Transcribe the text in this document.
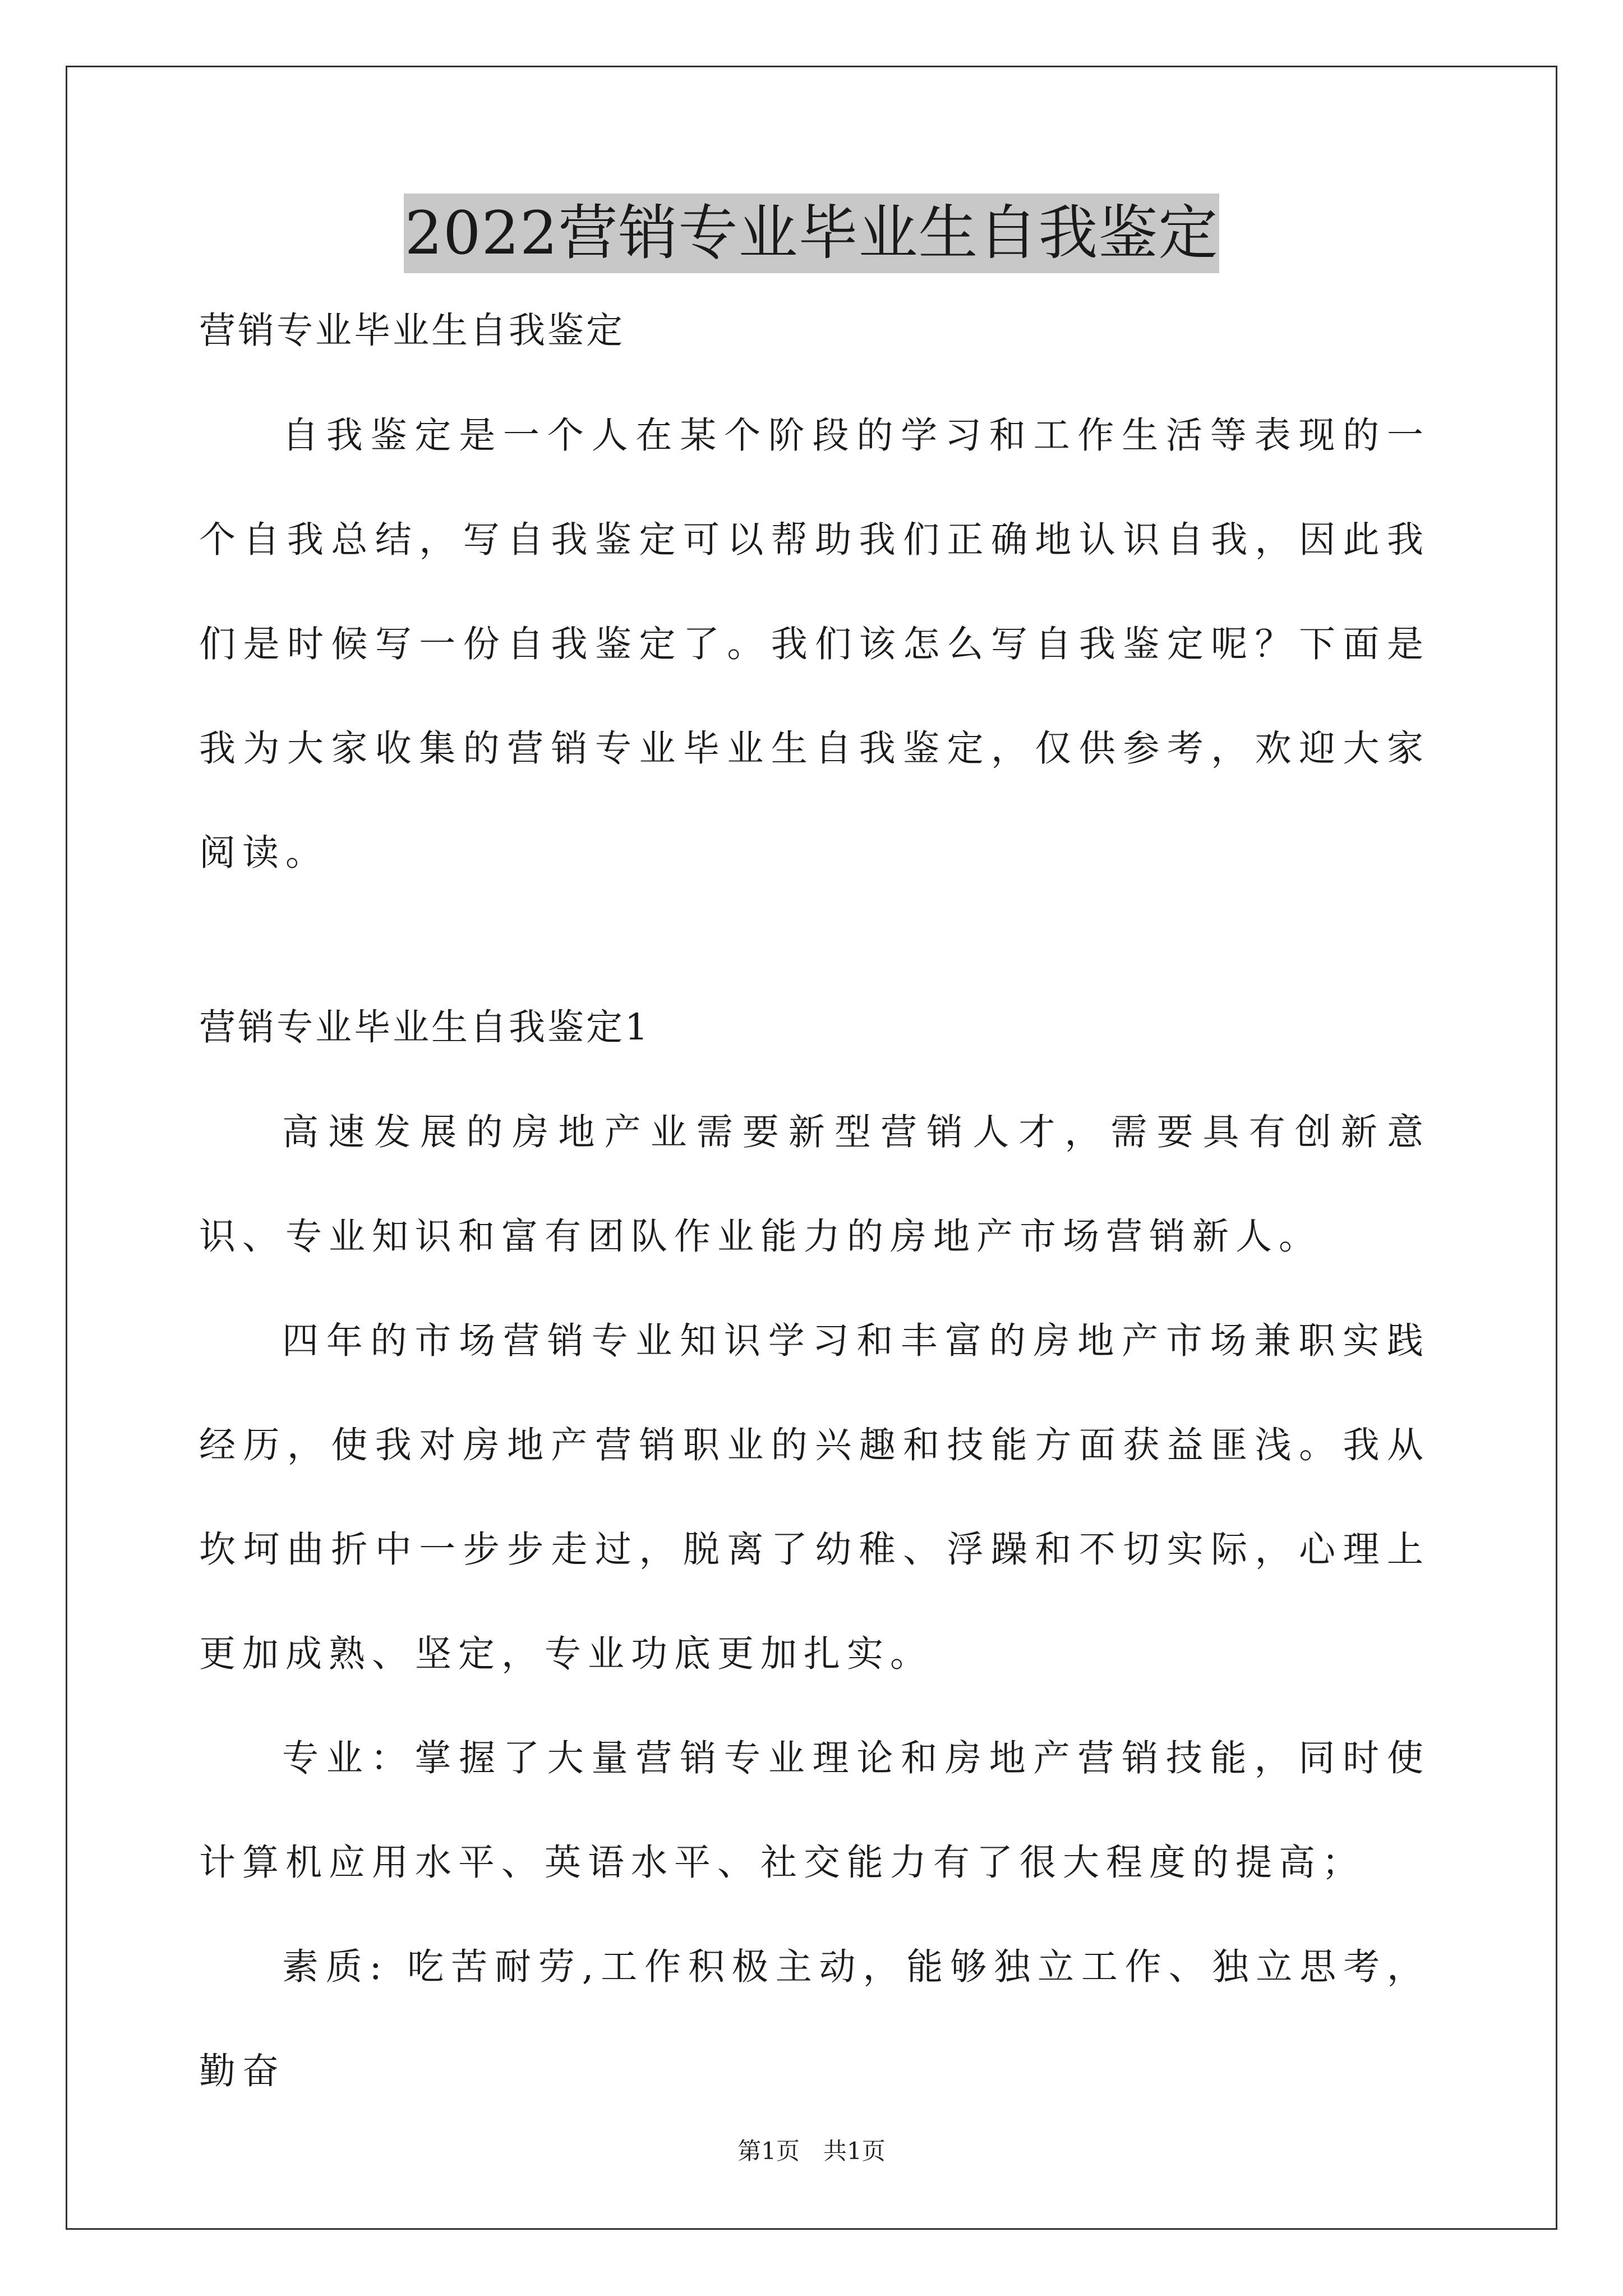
2022营销专业毕业生自我鉴定

营销专业毕业生自我鉴定

自我鉴定是一个人在某个阶段的学习和工作生活等表现的一个自我总结，写自我鉴定可以帮助我们正确地认识自我，因此我们是时候写一份自我鉴定了。我们该怎么写自我鉴定呢？下面是我为大家收集的营销专业毕业生自我鉴定，仅供参考，欢迎大家阅读。

营销专业毕业生自我鉴定1

高速发展的房地产业需要新型营销人才，需要具有创新意识、专业知识和富有团队作业能力的房地产市场营销新人。

四年的市场营销专业知识学习和丰富的房地产市场兼职实践经历，使我对房地产营销职业的兴趣和技能方面获益匪浅。我从坎坷曲折中一步步走过，脱离了幼稚、浮躁和不切实际，心理上更加成熟、坚定，专业功底更加扎实。

专业：掌握了大量营销专业理论和房地产营销技能，同时使计算机应用水平、英语水平、社交能力有了很大程度的提高；

素质: 吃苦耐劳,工作积极主动，能够独立工作、独立思考，勤奋

第1页　共1页
